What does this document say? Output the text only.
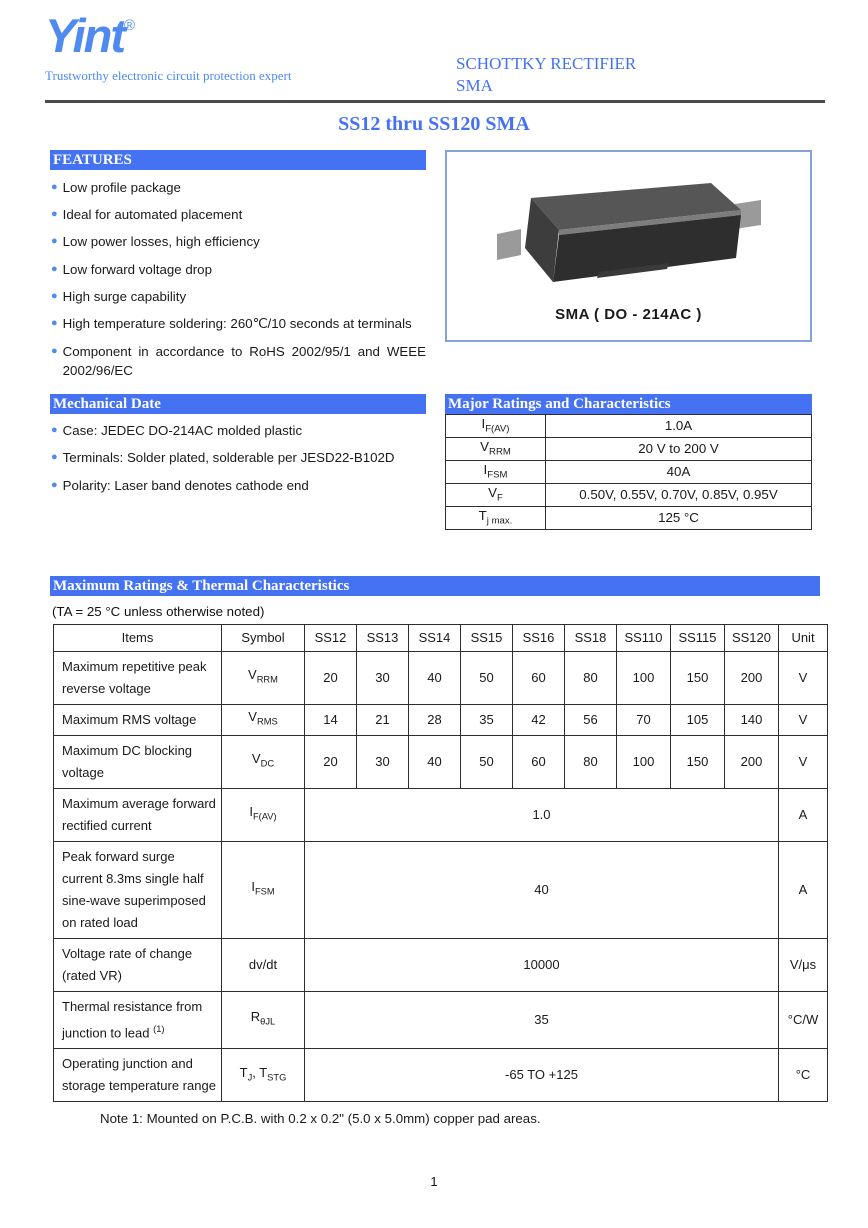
Yint®
Trustworthy electronic circuit protection expert
SCHOTTKY RECTIFIER
SMA
SS12 thru SS120 SMA
FEATURES
● Low profile package
● Ideal for automated placement
● Low power losses, high efficiency
● Low forward voltage drop
● High surge capability
● High temperature soldering: 260℃/10 seconds at terminals
● Component in accordance to RoHS 2002/95/1 and WEEE 2002/96/EC
SMA ( DO - 214AC )
Mechanical Date
● Case: JEDEC DO-214AC molded plastic
● Terminals: Solder plated, solderable per JESD22-B102D
● Polarity: Laser band denotes cathode end
Major Ratings and Characteristics
$I_{F(AV)}$	1.0A
$V_{RRM}$	20 V to 200 V
$I_{FSM}$	40A
$V_F$	0.50V, 0.55V, 0.70V, 0.85V, 0.95V
$T_{j max.}$	125 °C
Maximum Ratings & Thermal Characteristics
(TA = 25 °C unless otherwise noted)
Items	Symbol	SS12	SS13	SS14	SS15	SS16	SS18	SS110	SS115	SS120	Unit
Maximum repetitive peak reverse voltage	$V_{RRM}$	20	30	40	50	60	80	100	150	200	V
Maximum RMS voltage	$V_{RMS}$	14	21	28	35	42	56	70	105	140	V
Maximum DC blocking voltage	$V_{DC}$	20	30	40	50	60	80	100	150	200	V
Maximum average forward rectified current	$I_{F(AV)}$	1.0									A
Peak forward surge current 8.3ms single half sine-wave superimposed on rated load	$I_{FSM}$	40									A
Voltage rate of change (rated VR)	dv/dt	10000									V/μs
Thermal resistance from junction to lead $^{(1)}$	$R_{\theta JL}$	35									°C/W
Operating junction and storage temperature range	$T_J$, $T_{STG}$	-65 TO +125									°C
Note 1: Mounted on P.C.B. with 0.2 x 0.2" (5.0 x 5.0mm) copper pad areas.
1
